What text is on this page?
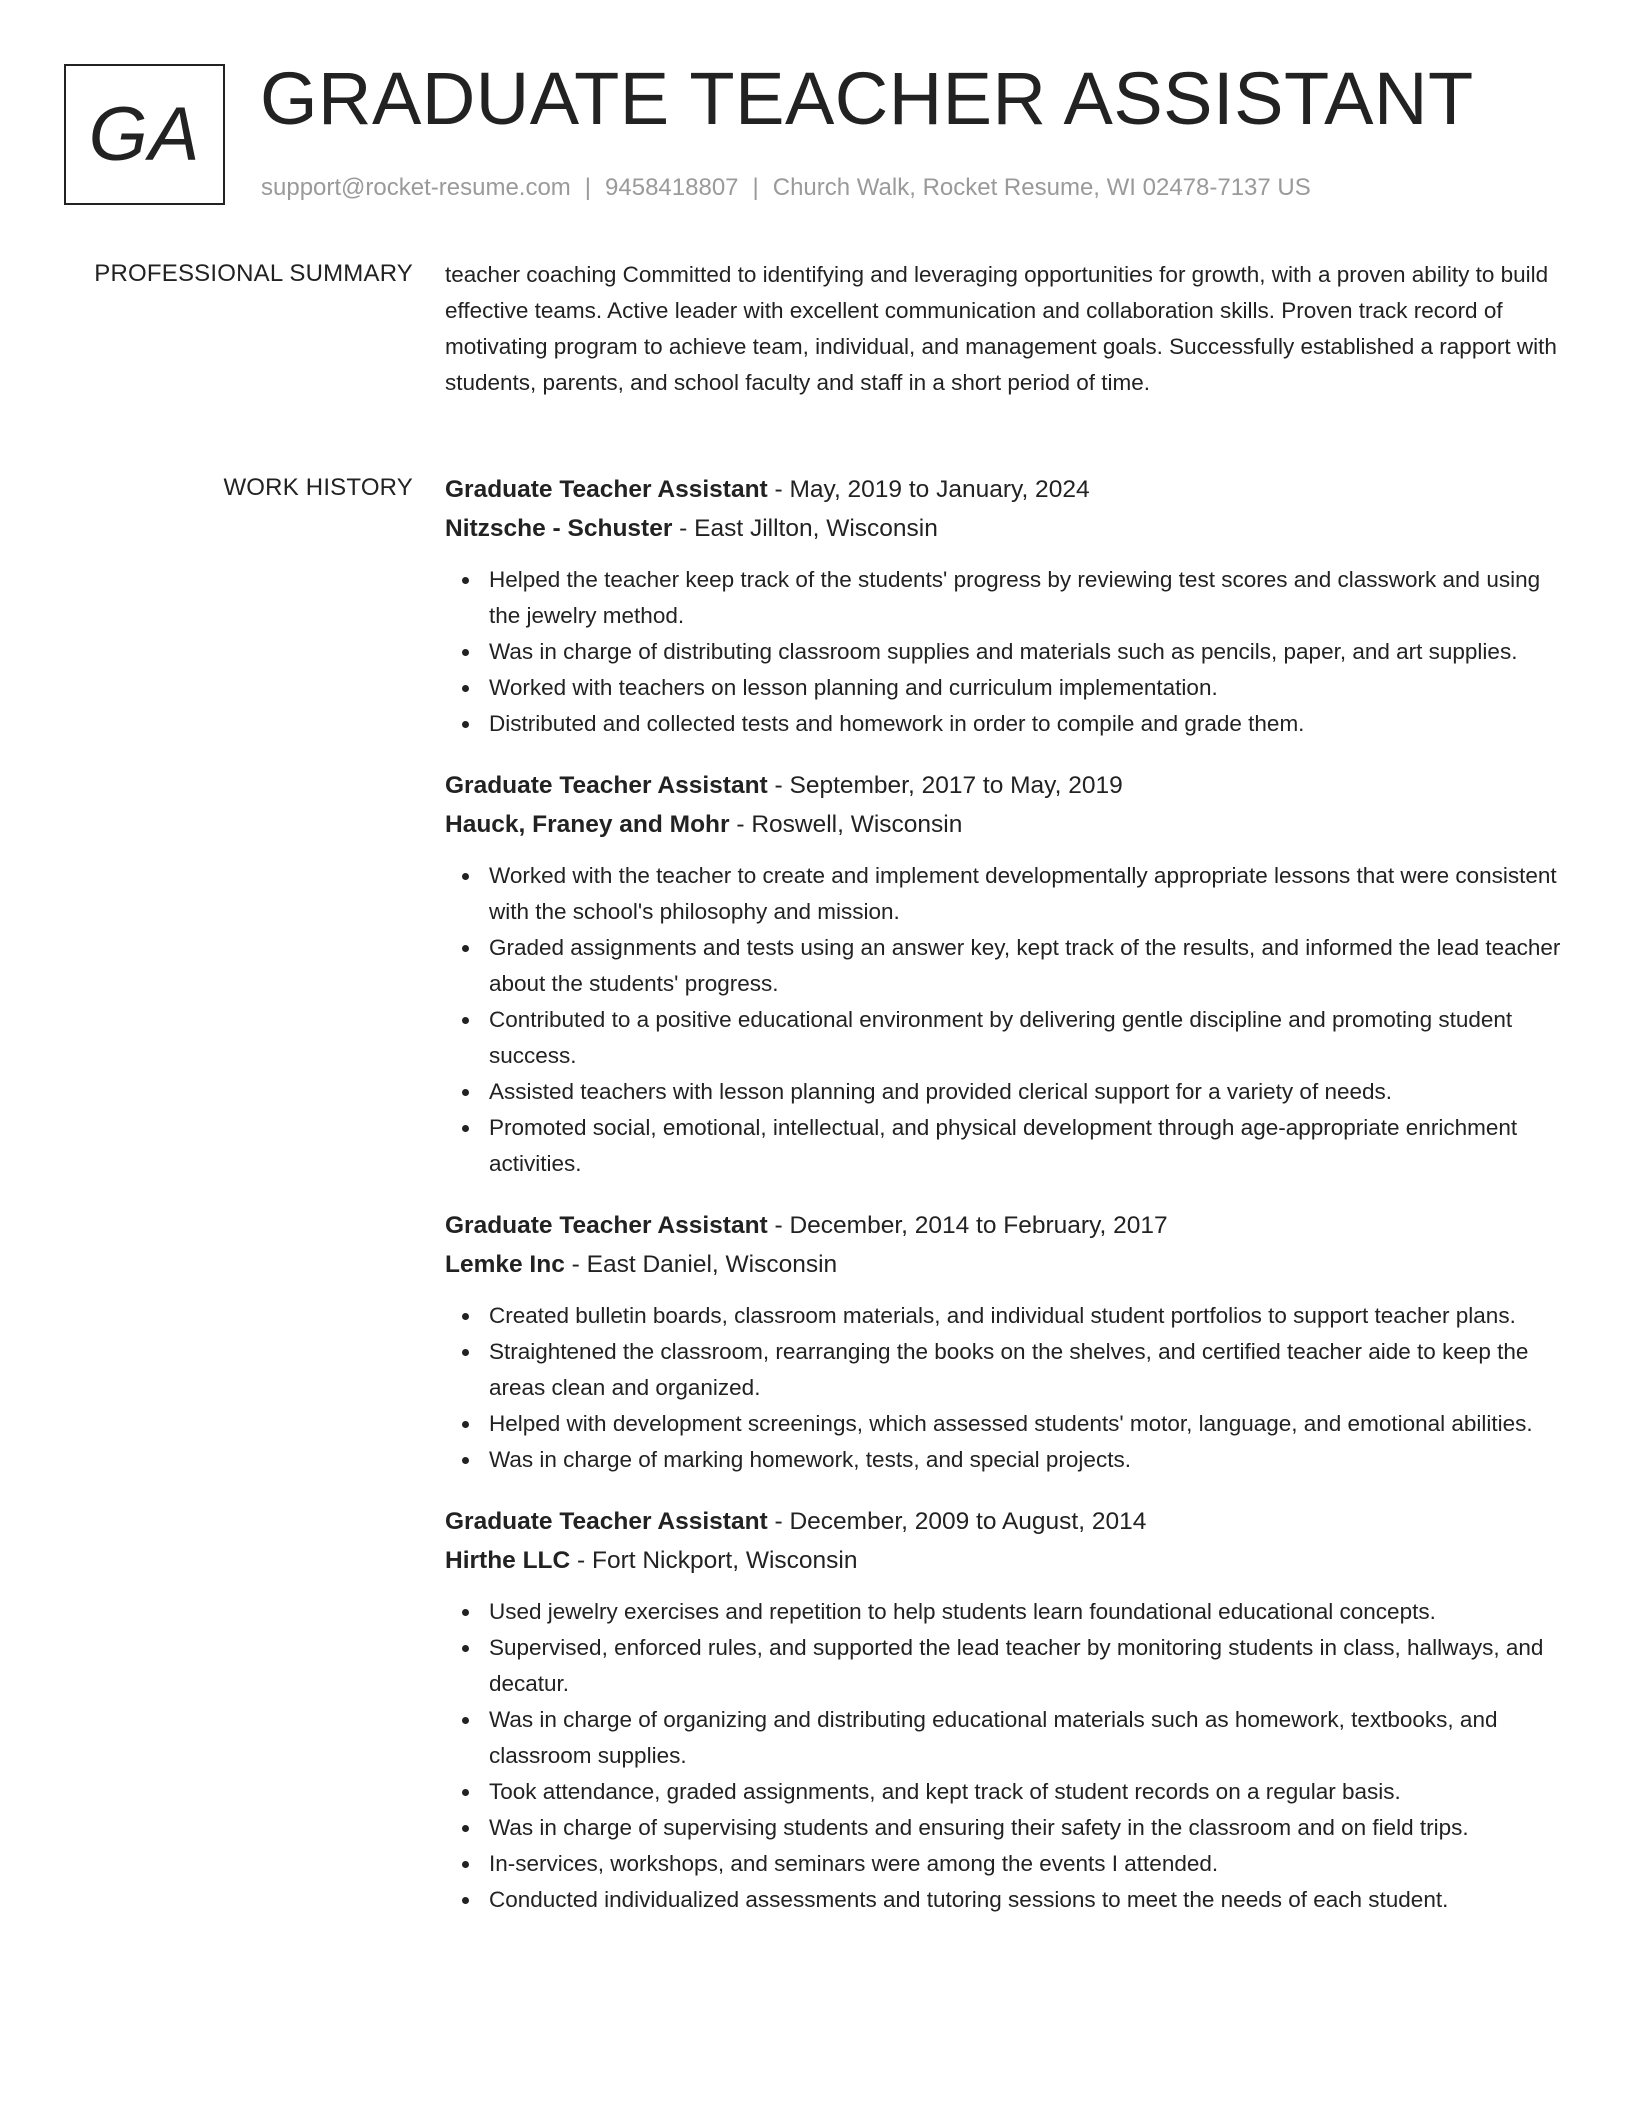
GA GRADUATE TEACHER ASSISTANT
support@rocket-resume.com | 9458418807 | Church Walk, Rocket Resume, WI 02478-7137 US
PROFESSIONAL SUMMARY teacher coaching Committed to identifying and leveraging opportunities for growth, with a proven ability to build effective teams. Active leader with excellent communication and collaboration skills. Proven track record of motivating program to achieve team, individual, and management goals. Successfully established a rapport with students, parents, and school faculty and staff in a short period of time.

WORK HISTORY Graduate Teacher Assistant - May, 2019 to January, 2024
Nitzsche - Schuster - East Jillton, Wisconsin
Helped the teacher keep track of the students' progress by reviewing test scores and classwork and using the jewelry method.
Was in charge of distributing classroom supplies and materials such as pencils, paper, and art supplies.
Worked with teachers on lesson planning and curriculum implementation.
Distributed and collected tests and homework in order to compile and grade them.
Graduate Teacher Assistant - September, 2017 to May, 2019
Hauck, Franey and Mohr - Roswell, Wisconsin
Worked with the teacher to create and implement developmentally appropriate lessons that were consistent with the school's philosophy and mission.
Graded assignments and tests using an answer key, kept track of the results, and informed the lead teacher about the students' progress.
Contributed to a positive educational environment by delivering gentle discipline and promoting student success.
Assisted teachers with lesson planning and provided clerical support for a variety of needs.
Promoted social, emotional, intellectual, and physical development through age-appropriate enrichment activities.
Graduate Teacher Assistant - December, 2014 to February, 2017
Lemke Inc - East Daniel, Wisconsin
Created bulletin boards, classroom materials, and individual student portfolios to support teacher plans.
Straightened the classroom, rearranging the books on the shelves, and certified teacher aide to keep the areas clean and organized.
Helped with development screenings, which assessed students' motor, language, and emotional abilities.
Was in charge of marking homework, tests, and special projects.
Graduate Teacher Assistant - December, 2009 to August, 2014
Hirthe LLC - Fort Nickport, Wisconsin
Used jewelry exercises and repetition to help students learn foundational educational concepts.
Supervised, enforced rules, and supported the lead teacher by monitoring students in class, hallways, and decatur.
Was in charge of organizing and distributing educational materials such as homework, textbooks, and classroom supplies.
Took attendance, graded assignments, and kept track of student records on a regular basis.
Was in charge of supervising students and ensuring their safety in the classroom and on field trips.
In-services, workshops, and seminars were among the events I attended.
Conducted individualized assessments and tutoring sessions to meet the needs of each student.
